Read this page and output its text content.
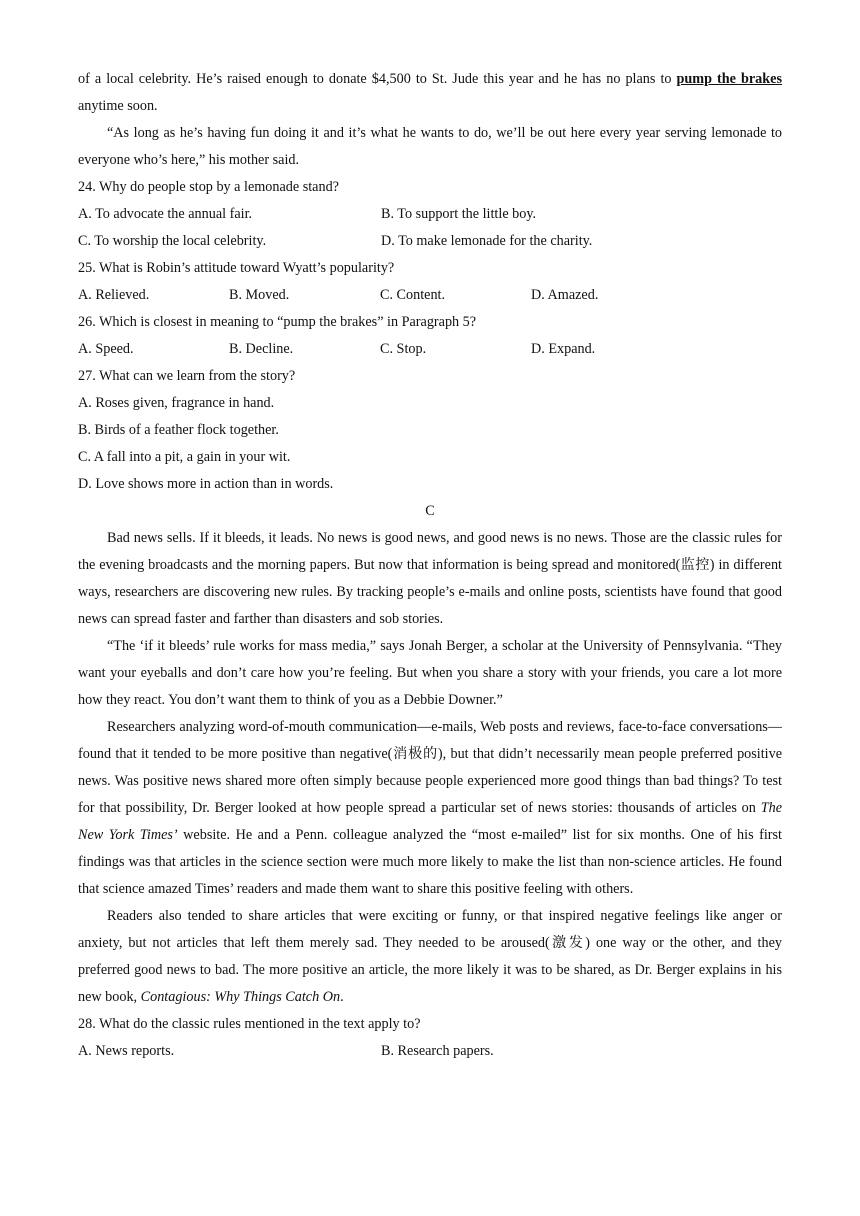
of a local celebrity. He’s raised enough to donate $4,500 to St. Jude this year and he has no plans to pump the brakes anytime soon.
“As long as he’s having fun doing it and it’s what he wants to do, we’ll be out here every year serving lemonade to everyone who’s here,” his mother said.
24. Why do people stop by a lemonade stand?
A. To advocate the annual fair.	B. To support the little boy.
C. To worship the local celebrity.	D. To make lemonade for the charity.
25. What is Robin’s attitude toward Wyatt’s popularity?
A. Relieved.	B. Moved.	C. Content.	D. Amazed.
26. Which is closest in meaning to “pump the brakes” in Paragraph 5?
A. Speed.	B. Decline.	C. Stop.	D. Expand.
27. What can we learn from the story?
A. Roses given, fragrance in hand.
B. Birds of a feather flock together.
C. A fall into a pit, a gain in your wit.
D. Love shows more in action than in words.
C
Bad news sells. If it bleeds, it leads. No news is good news, and good news is no news. Those are the classic rules for the evening broadcasts and the morning papers. But now that information is being spread and monitored(监控) in different ways, researchers are discovering new rules. By tracking people’s e-mails and online posts, scientists have found that good news can spread faster and farther than disasters and sob stories.
“The ‘if it bleeds’ rule works for mass media,” says Jonah Berger, a scholar at the University of Pennsylvania. “They want your eyeballs and don’t care how you’re feeling. But when you share a story with your friends, you care a lot more how they react. You don’t want them to think of you as a Debbie Downer.”
Researchers analyzing word-of-mouth communication—e-mails, Web posts and reviews, face-to-face conversations—found that it tended to be more positive than negative(消极的), but that didn’t necessarily mean people preferred positive news. Was positive news shared more often simply because people experienced more good things than bad things? To test for that possibility, Dr. Berger looked at how people spread a particular set of news stories: thousands of articles on The New York Times’ website. He and a Penn. colleague analyzed the “most e-mailed” list for six months. One of his first findings was that articles in the science section were much more likely to make the list than non-science articles. He found that science amazed Times’ readers and made them want to share this positive feeling with others.
Readers also tended to share articles that were exciting or funny, or that inspired negative feelings like anger or anxiety, but not articles that left them merely sad. They needed to be aroused(激发) one way or the other, and they preferred good news to bad. The more positive an article, the more likely it was to be shared, as Dr. Berger explains in his new book, Contagious: Why Things Catch On.
28. What do the classic rules mentioned in the text apply to?
A. News reports.	B. Research papers.
